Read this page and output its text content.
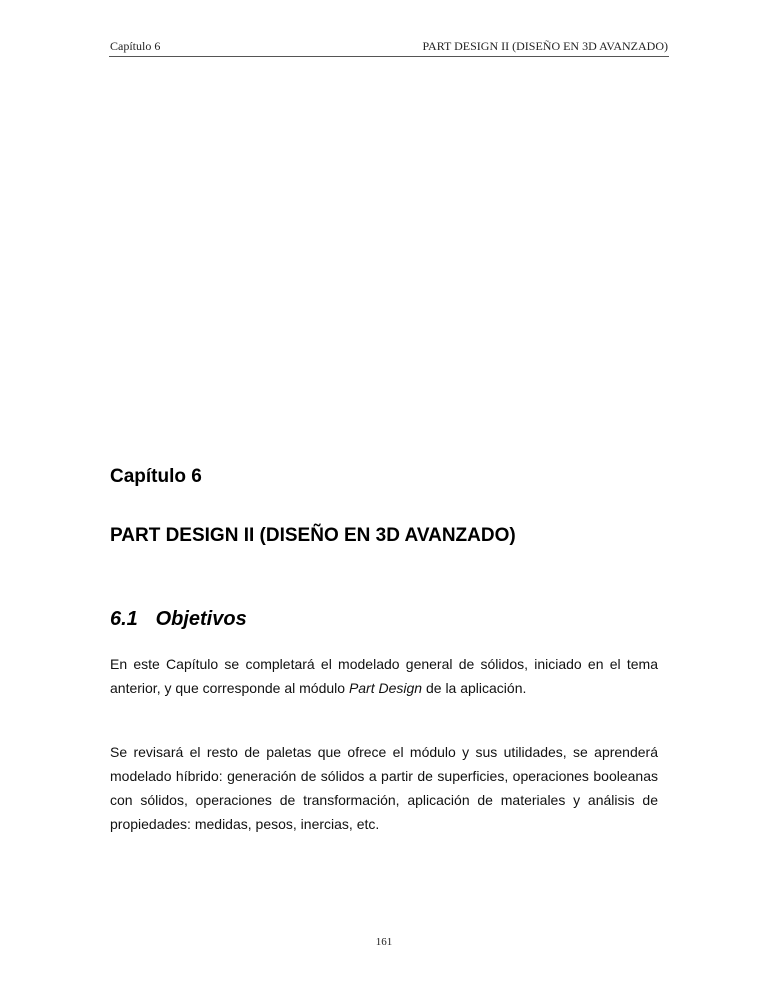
Capítulo 6	PART DESIGN II (DISEÑO EN 3D AVANZADO)
Capítulo 6
PART DESIGN II (DISEÑO EN 3D AVANZADO)
6.1 Objetivos

En este Capítulo se completará el modelado general de sólidos, iniciado en el tema anterior, y que corresponde al módulo Part Design de la aplicación.

Se revisará el resto de paletas que ofrece el módulo y sus utilidades, se aprenderá modelado híbrido: generación de sólidos a partir de superficies, operaciones booleanas con sólidos, operaciones de transformación, aplicación de materiales y análisis de propiedades: medidas, pesos, inercias, etc.

161
